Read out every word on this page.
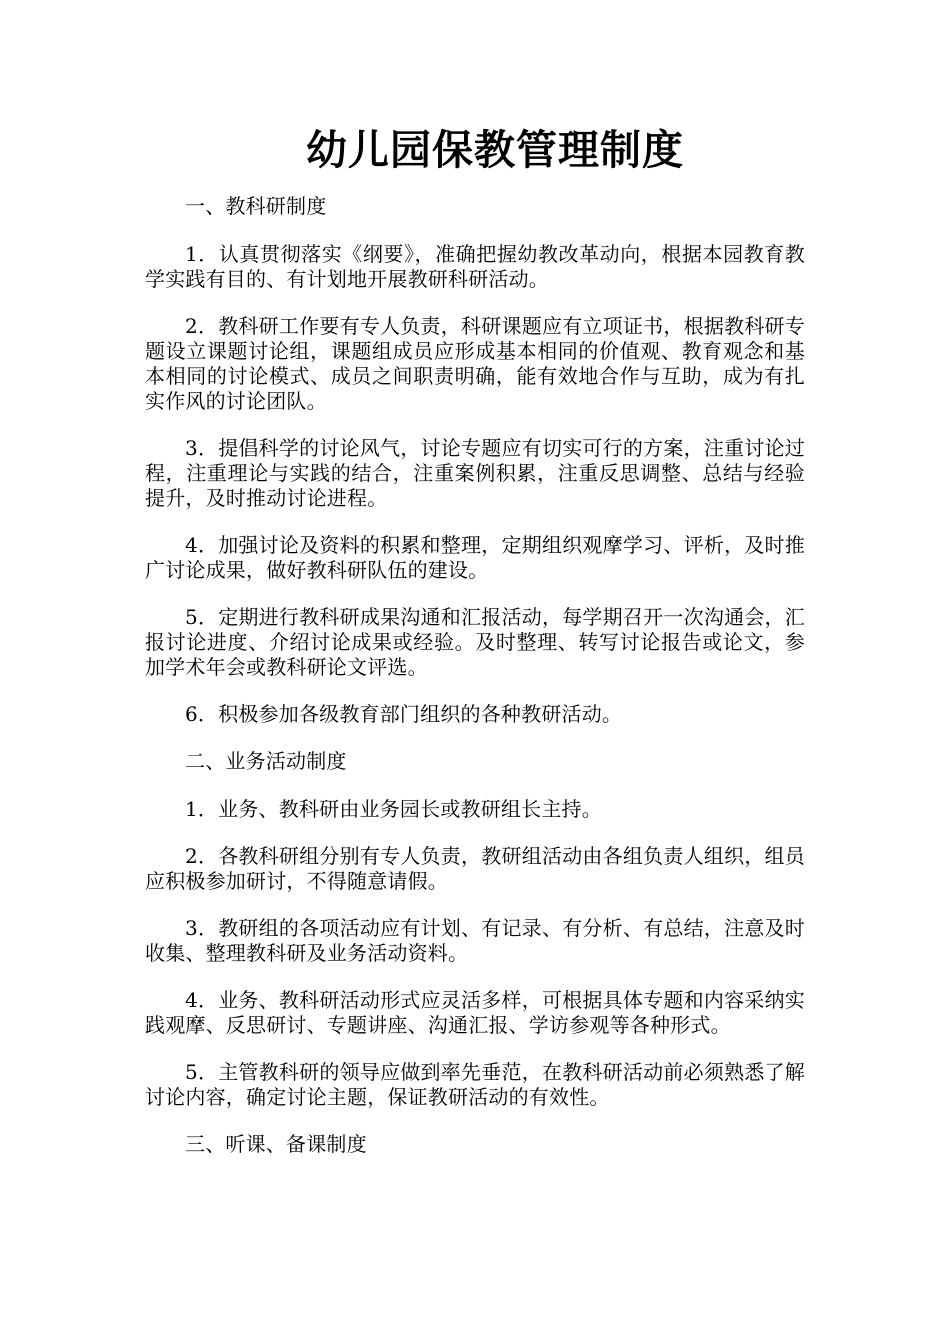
幼儿园保教管理制度

一、教科研制度

1．认真贯彻落实《纲要》，准确把握幼教改革动向，根据本园教育教学实践有目的、有计划地开展教研科研活动。

2．教科研工作要有专人负责，科研课题应有立项证书，根据教科研专题设立课题讨论组，课题组成员应形成基本相同的价值观、教育观念和基本相同的讨论模式、成员之间职责明确，能有效地合作与互助，成为有扎实作风的讨论团队。

3．提倡科学的讨论风气，讨论专题应有切实可行的方案，注重讨论过程，注重理论与实践的结合，注重案例积累，注重反思调整、总结与经验提升，及时推动讨论进程。

4．加强讨论及资料的积累和整理，定期组织观摩学习、评析，及时推广讨论成果，做好教科研队伍的建设。

5．定期进行教科研成果沟通和汇报活动，每学期召开一次沟通会，汇报讨论进度、介绍讨论成果或经验。及时整理、转写讨论报告或论文，参加学术年会或教科研论文评选。

6．积极参加各级教育部门组织的各种教研活动。

二、业务活动制度

1．业务、教科研由业务园长或教研组长主持。

2．各教科研组分别有专人负责，教研组活动由各组负责人组织，组员应积极参加研讨，不得随意请假。

3．教研组的各项活动应有计划、有记录、有分析、有总结，注意及时收集、整理教科研及业务活动资料。

4．业务、教科研活动形式应灵活多样，可根据具体专题和内容采纳实践观摩、反思研讨、专题讲座、沟通汇报、学访参观等各种形式。

5．主管教科研的领导应做到率先垂范，在教科研活动前必须熟悉了解讨论内容，确定讨论主题，保证教研活动的有效性。

三、听课、备课制度
